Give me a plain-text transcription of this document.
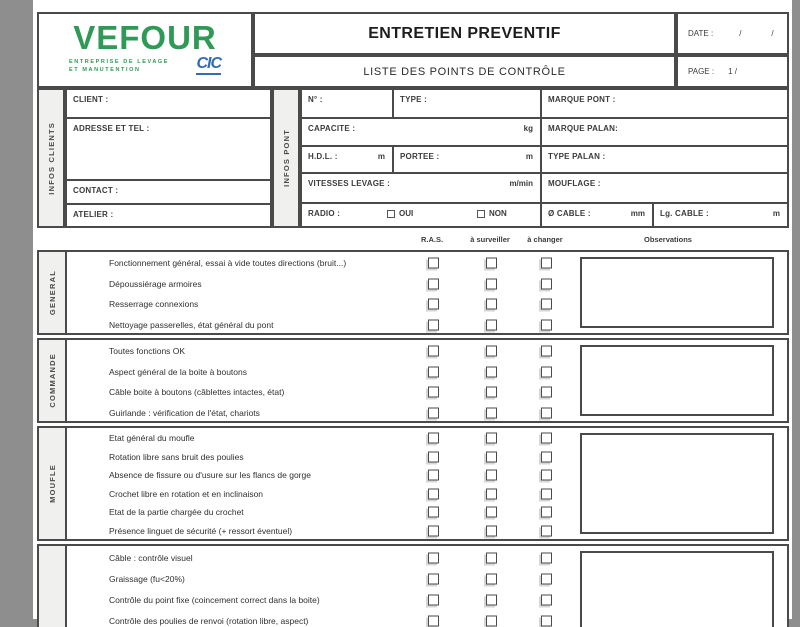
VEFOUR
ENTREPRISE DE LEVAGE
ET MANUTENTION	CIC
ENTRETIEN PREVENTIF
LISTE DES POINTS DE CONTRÔLE
DATE :	/	/
PAGE : 1 /
INFOS CLIENTS
CLIENT :
ADRESSE ET TEL :
CONTACT :
ATELIER :
INFOS PONT
N° :	TYPE :	MARQUE PONT :
CAPACITE :	kg MARQUE PALAN:
H.D.L. :	m PORTEE :	m TYPE PALAN :
VITESSES LEVAGE :	m/min MOUFLAGE :
RADIO :	OUI	NON	Ø CABLE :	mm Lg. CABLE :	m
R.A.S.	à surveiller à changer	Observations
GENERAL
Fonctionnement général, essai à vide toutes directions (bruit...)
Dépoussiérage armoires
Resserrage connexions
Nettoyage passerelles, état général du pont
COMMANDE
Toutes fonctions OK
Aspect général de la boite à boutons
Câble boite à boutons (câblettes intactes, état)
Guirlande : vérification de l'état, chariots
MOUFLE
Etat général du moufle
Rotation libre sans bruit des poulies
Absence de fissure ou d'usure sur les flancs de gorge
Crochet libre en rotation et en inclinaison
Etat de la partie chargée du crochet
Présence linguet de sécurité (+ ressort éventuel)
Câble : contrôle visuel
Graissage (fu<20%)
Contrôle du point fixe (coincement correct dans la boite)
Contrôle des poulies de renvoi (rotation libre, aspect)
